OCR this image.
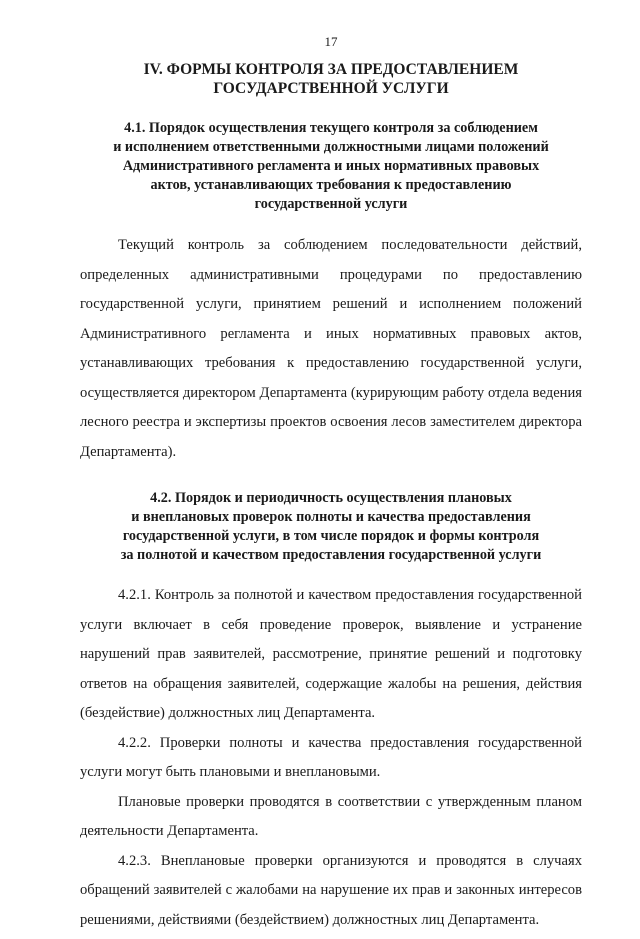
17
IV. ФОРМЫ КОНТРОЛЯ ЗА ПРЕДОСТАВЛЕНИЕМ
ГОСУДАРСТВЕННОЙ УСЛУГИ
4.1. Порядок осуществления текущего контроля за соблюдением
и исполнением ответственными должностными лицами положений
Административного регламента и иных нормативных правовых
актов, устанавливающих требования к предоставлению
государственной услуги

Текущий контроль за соблюдением последовательности действий, определенных административными процедурами по предоставлению государственной услуги, принятием решений и исполнением положений Административного регламента и иных нормативных правовых актов, устанавливающих требования к предоставлению государственной услуги, осуществляется директором Департамента (курирующим работу отдела ведения лесного реестра и экспертизы проектов освоения лесов заместителем директора Департамента).

4.2. Порядок и периодичность осуществления плановых
и внеплановых проверок полноты и качества предоставления
государственной услуги, в том числе порядок и формы контроля
за полнотой и качеством предоставления государственной услуги

4.2.1. Контроль за полнотой и качеством предоставления государственной услуги включает в себя проведение проверок, выявление и устранение нарушений прав заявителей, рассмотрение, принятие решений и подготовку ответов на обращения заявителей, содержащие жалобы на решения, действия (бездействие) должностных лиц Департамента.

4.2.2. Проверки полноты и качества предоставления государственной услуги могут быть плановыми и внеплановыми.

Плановые проверки проводятся в соответствии с утвержденным планом деятельности Департамента.

4.2.3. Внеплановые проверки организуются и проводятся в случаях обращений заявителей с жалобами на нарушение их прав и законных интересов решениями, действиями (бездействием) должностных лиц Департамента.
